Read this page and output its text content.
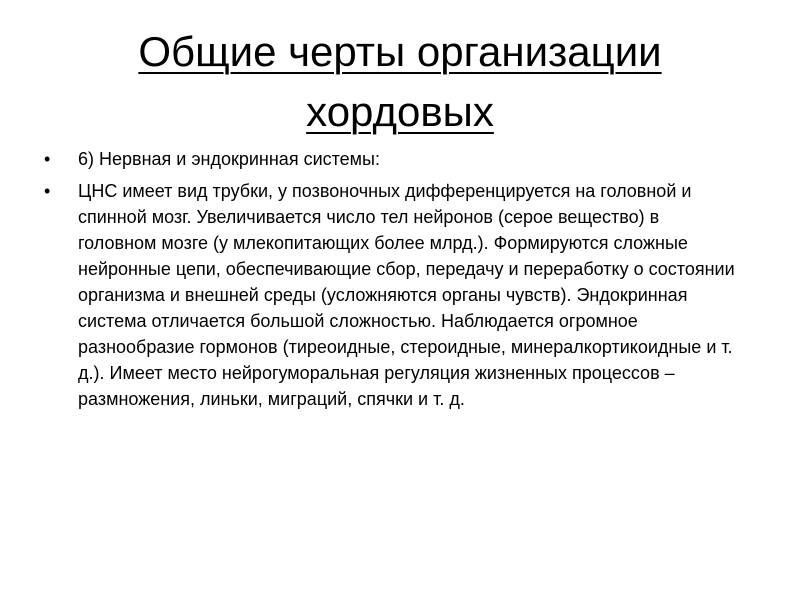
Общие черты организации хордовых
• 6) Нервная и эндокринная системы:
• ЦНС имеет вид трубки, у позвоночных дифференцируется на головной и спинной мозг. Увеличивается число тел нейронов (серое вещество) в головном мозге (у млекопитающих более млрд.). Формируются сложные нейронные цепи, обеспечивающие сбор, передачу и переработку о состоянии организма и внешней среды (усложняются органы чувств). Эндокринная система отличается большой сложностью. Наблюдается огромное разнообразие гормонов (тиреоидные, стероидные, минералкортикоидные и т. д.). Имеет место нейрогуморальная регуляция жизненных процессов – размножения, линьки, миграций, спячки и т. д.
